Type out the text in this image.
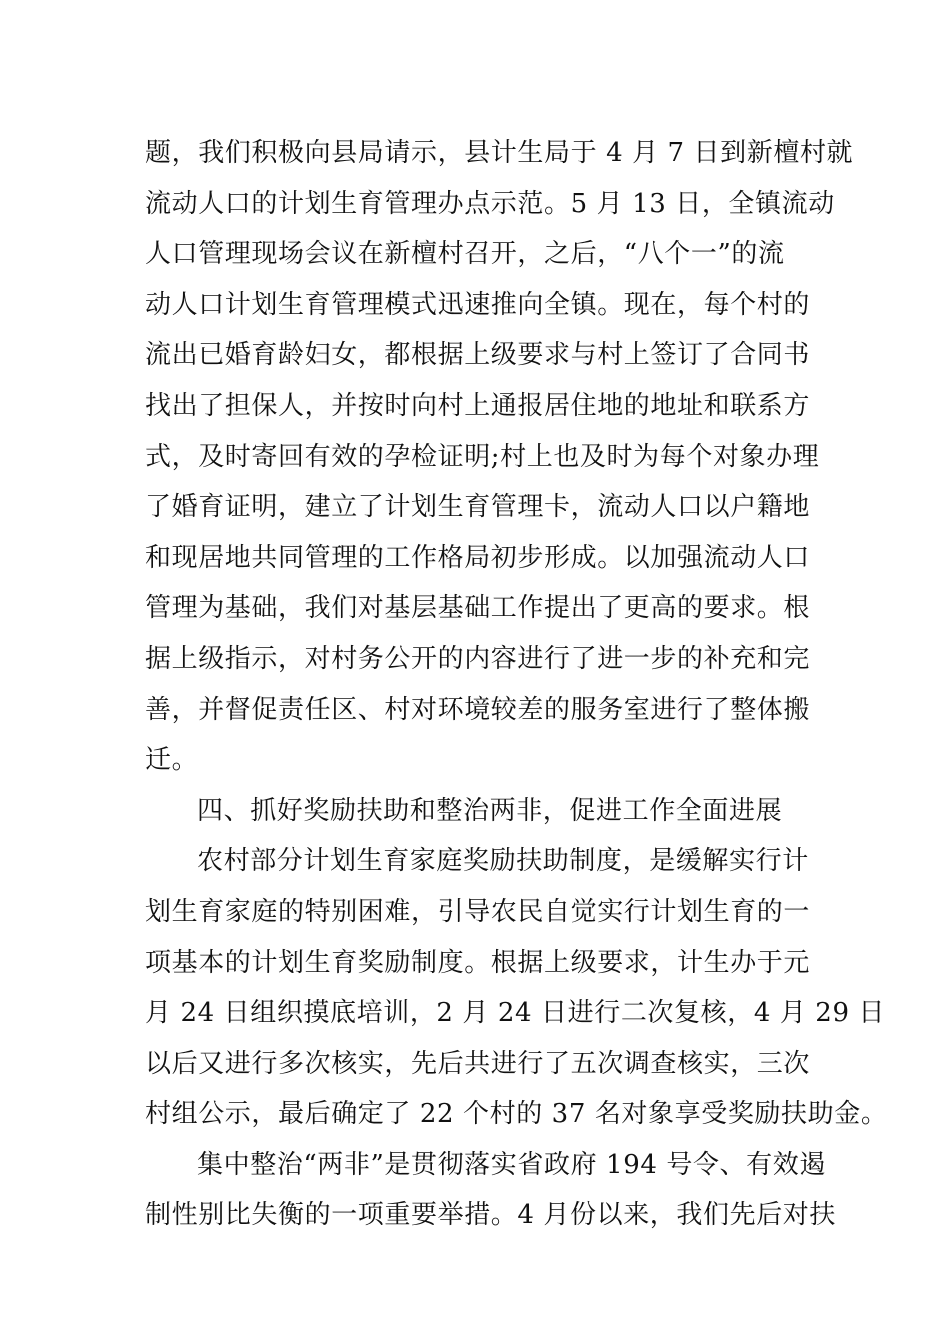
题，我们积极向县局请示，县计生局于 4 月 7 日到新檀村就
流动人口的计划生育管理办点示范。5 月 13 日，全镇流动
人口管理现场会议在新檀村召开，之后，“八个一”的流
动人口计划生育管理模式迅速推向全镇。现在，每个村的
流出已婚育龄妇女，都根据上级要求与村上签订了合同书
找出了担保人，并按时向村上通报居住地的地址和联系方
式，及时寄回有效的孕检证明;村上也及时为每个对象办理
了婚育证明，建立了计划生育管理卡，流动人口以户籍地
和现居地共同管理的工作格局初步形成。以加强流动人口
管理为基础，我们对基层基础工作提出了更高的要求。根
据上级指示，对村务公开的内容进行了进一步的补充和完
善，并督促责任区、村对环境较差的服务室进行了整体搬
迁。
四、抓好奖励扶助和整治两非，促进工作全面进展
农村部分计划生育家庭奖励扶助制度，是缓解实行计
划生育家庭的特别困难，引导农民自觉实行计划生育的一
项基本的计划生育奖励制度。根据上级要求，计生办于元
月 24 日组织摸底培训，2 月 24 日进行二次复核，4 月 29 日
以后又进行多次核实，先后共进行了五次调查核实，三次
村组公示，最后确定了 22 个村的 37 名对象享受奖励扶助金。
集中整治“两非”是贯彻落实省政府 194 号令、有效遏
制性别比失衡的一项重要举措。4 月份以来，我们先后对扶
